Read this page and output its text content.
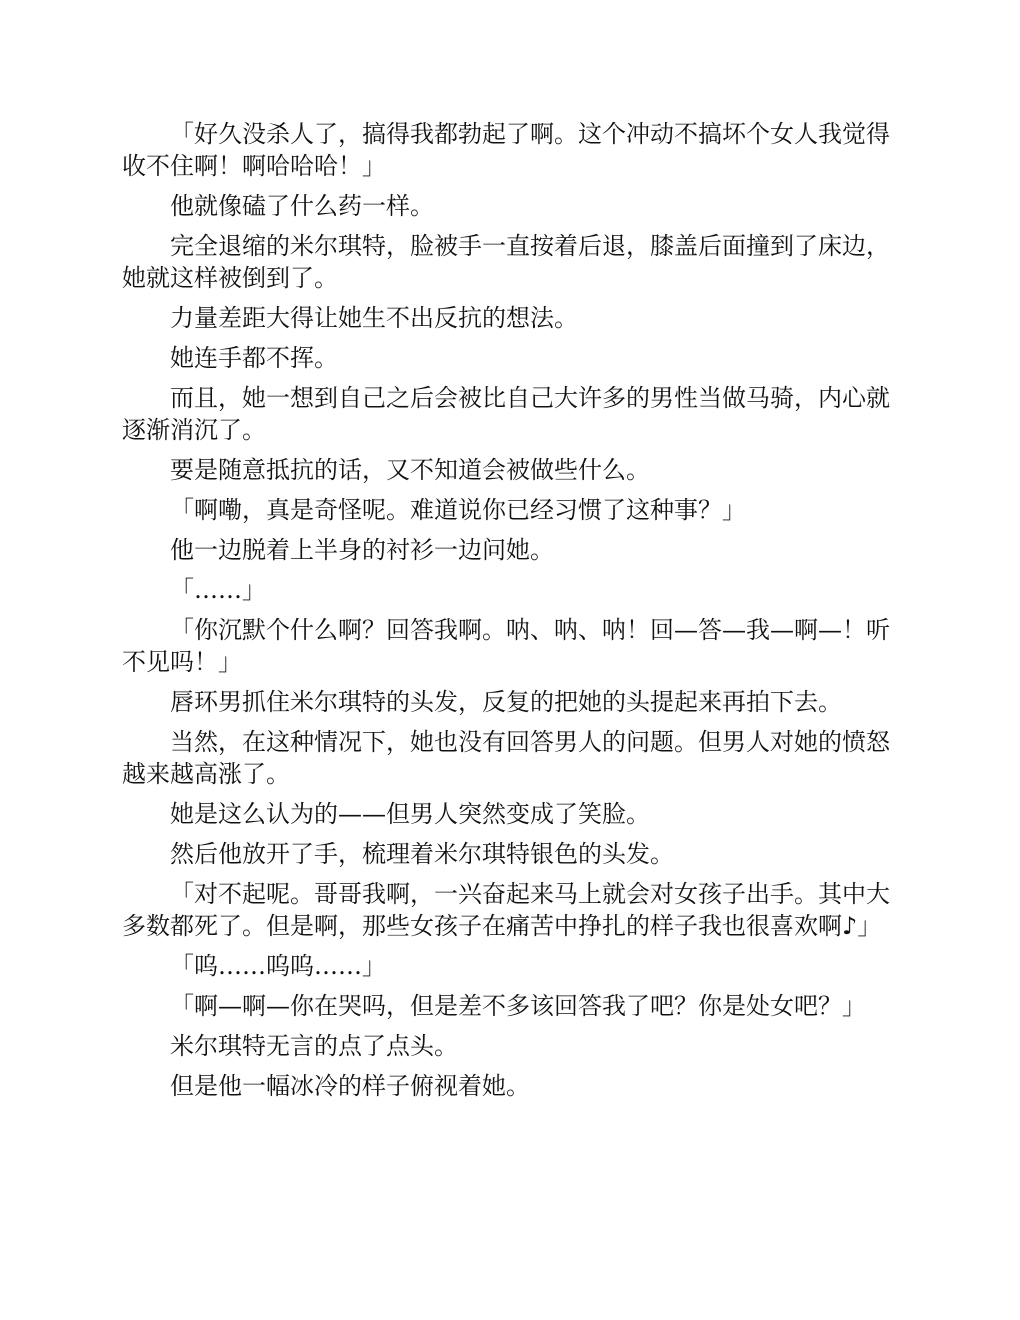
「好久没杀人了，搞得我都勃起了啊。这个冲动不搞坏个女人我觉得收不住啊！啊哈哈哈！」

他就像磕了什么药一样。

完全退缩的米尔琪特，脸被手一直按着后退，膝盖后面撞到了床边，她就这样被倒到了。

力量差距大得让她生不出反抗的想法。

她连手都不挥。

而且，她一想到自己之后会被比自己大许多的男性当做马骑，内心就逐渐消沉了。

要是随意抵抗的话，又不知道会被做些什么。

「啊嘞，真是奇怪呢。难道说你已经习惯了这种事？」

他一边脱着上半身的衬衫一边问她。

「……」

「你沉默个什么啊？回答我啊。呐、呐、呐！回—答—我—啊—！听不见吗！」

唇环男抓住米尔琪特的头发，反复的把她的头提起来再拍下去。

当然，在这种情况下，她也没有回答男人的问题。但男人对她的愤怒越来越高涨了。

她是这么认为的——但男人突然变成了笑脸。

然后他放开了手，梳理着米尔琪特银色的头发。

「对不起呢。哥哥我啊，一兴奋起来马上就会对女孩子出手。其中大多数都死了。但是啊，那些女孩子在痛苦中挣扎的样子我也很喜欢啊♪」

「呜……呜呜……」

「啊—啊—你在哭吗，但是差不多该回答我了吧？你是处女吧？」

米尔琪特无言的点了点头。

但是他一幅冰冷的样子俯视着她。
